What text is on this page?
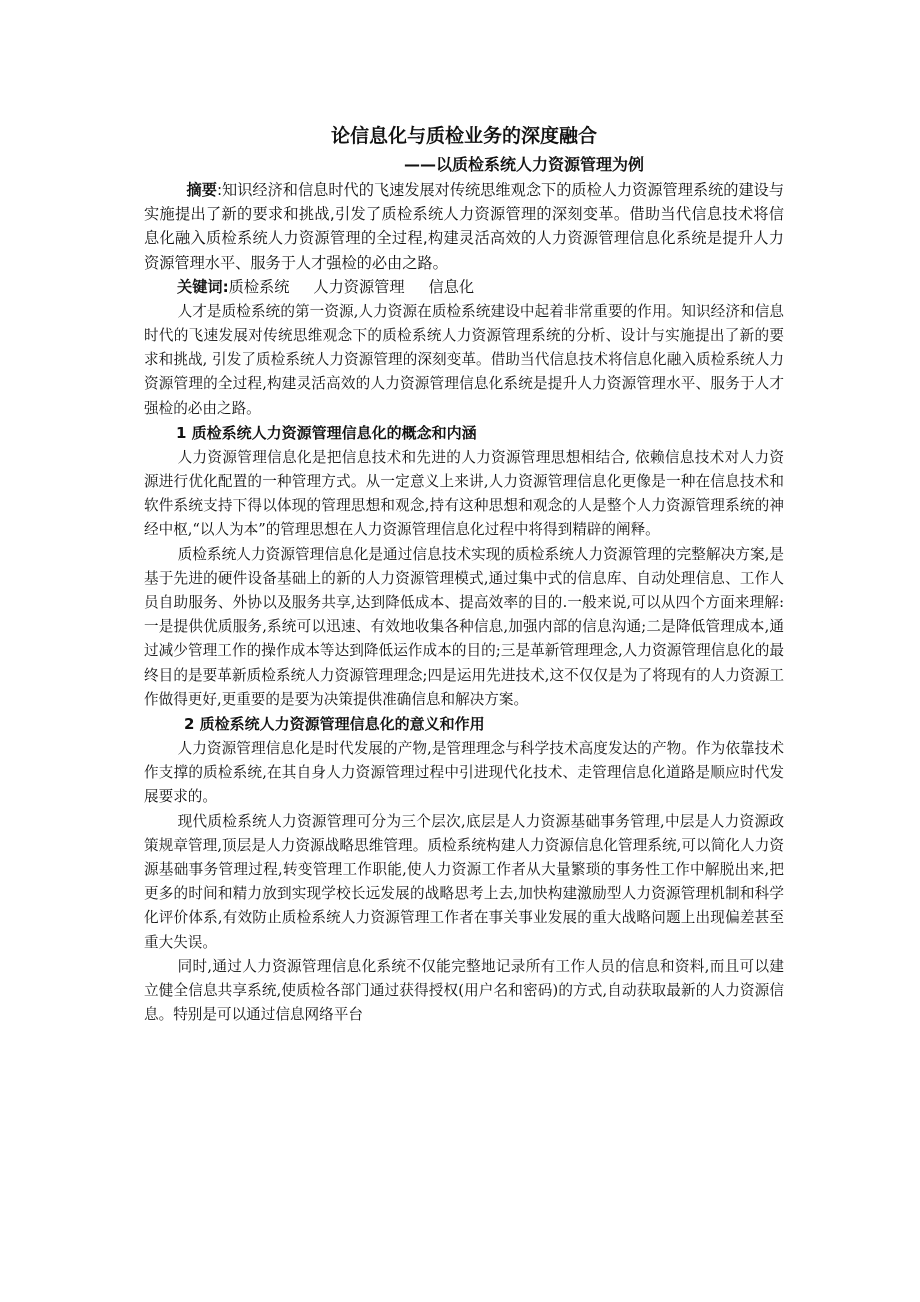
论信息化与质检业务的深度融合
——以质检系统人力资源管理为例

摘要:知识经济和信息时代的飞速发展对传统思维观念下的质检人力资源管理系统的建设与实施提出了新的要求和挑战,引发了质检系统人力资源管理的深刻变革。借助当代信息技术将信息化融入质检系统人力资源管理的全过程,构建灵活高效的人力资源管理信息化系统是提升人力资源管理水平、服务于人才强检的必由之路。

关键词:质检系统 人力资源管理 信息化

人才是质检系统的第一资源,人力资源在质检系统建设中起着非常重要的作用。知识经济和信息时代的飞速发展对传统思维观念下的质检系统人力资源管理系统的分析、设计与实施提出了新的要求和挑战, 引发了质检系统人力资源管理的深刻变革。借助当代信息技术将信息化融入质检系统人力资源管理的全过程,构建灵活高效的人力资源管理信息化系统是提升人力资源管理水平、服务于人才强检的必由之路。

1 质检系统人力资源管理信息化的概念和内涵

人力资源管理信息化是把信息技术和先进的人力资源管理思想相结合, 依赖信息技术对人力资源进行优化配置的一种管理方式。从一定意义上来讲,人力资源管理信息化更像是一种在信息技术和软件系统支持下得以体现的管理思想和观念,持有这种思想和观念的人是整个人力资源管理系统的神经中枢,“以人为本”的管理思想在人力资源管理信息化过程中将得到精辟的阐释。

质检系统人力资源管理信息化是通过信息技术实现的质检系统人力资源管理的完整解决方案,是基于先进的硬件设备基础上的新的人力资源管理模式,通过集中式的信息库、自动处理信息、工作人员自助服务、外协以及服务共享,达到降低成本、提高效率的目的.一般来说,可以从四个方面来理解: 一是提供优质服务,系统可以迅速、有效地收集各种信息,加强内部的信息沟通;二是降低管理成本,通过减少管理工作的操作成本等达到降低运作成本的目的;三是革新管理理念,人力资源管理信息化的最终目的是要革新质检系统人力资源管理理念;四是运用先进技术,这不仅仅是为了将现有的人力资源工作做得更好,更重要的是要为决策提供准确信息和解决方案。

2 质检系统人力资源管理信息化的意义和作用

人力资源管理信息化是时代发展的产物,是管理理念与科学技术高度发达的产物。作为依靠技术作支撑的质检系统,在其自身人力资源管理过程中引进现代化技术、走管理信息化道路是顺应时代发展要求的。

现代质检系统人力资源管理可分为三个层次,底层是人力资源基础事务管理,中层是人力资源政策规章管理,顶层是人力资源战略思维管理。质检系统构建人力资源信息化管理系统,可以简化人力资源基础事务管理过程,转变管理工作职能,使人力资源工作者从大量繁琐的事务性工作中解脱出来,把更多的时间和精力放到实现学校长远发展的战略思考上去,加快构建激励型人力资源管理机制和科学化评价体系,有效防止质检系统人力资源管理工作者在事关事业发展的重大战略问题上出现偏差甚至重大失误。

同时,通过人力资源管理信息化系统不仅能完整地记录所有工作人员的信息和资料,而且可以建立健全信息共享系统,使质检各部门通过获得授权(用户名和密码)的方式,自动获取最新的人力资源信息。特别是可以通过信息网络平台
